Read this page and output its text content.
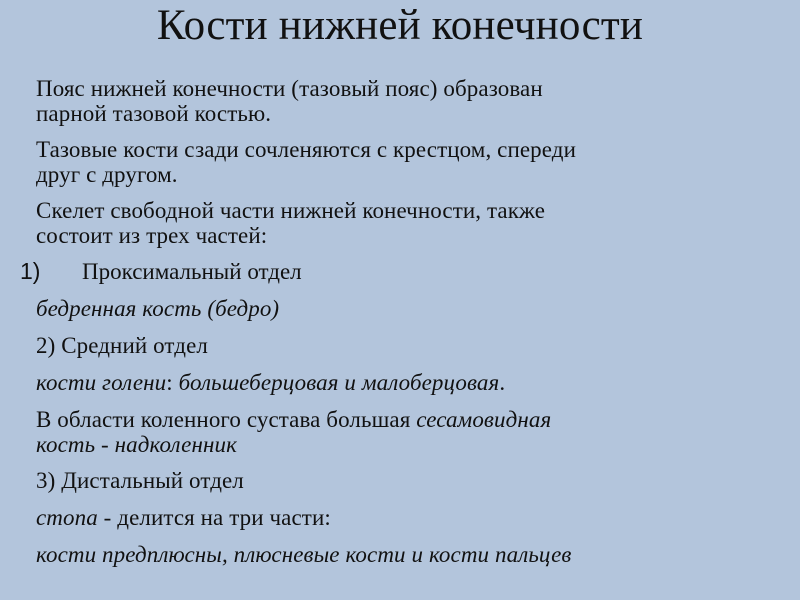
Кости нижней конечности
Пояс нижней конечности (тазовый пояс) образован
парной тазовой костью.
Тазовые кости сзади сочленяются с крестцом, спереди
друг с другом.
Скелет свободной части нижней конечности, также
состоит из трех частей:
1) Проксимальный отдел
бедренная кость (бедро)
2) Средний отдел
кости голени: большеберцовая и малоберцовая.
В области коленного сустава большая сесамовидная
кость - надколенник
3) Дистальный отдел
стопа - делится на три части:
кости предплюсны, плюсневые кости и кости пальцев
